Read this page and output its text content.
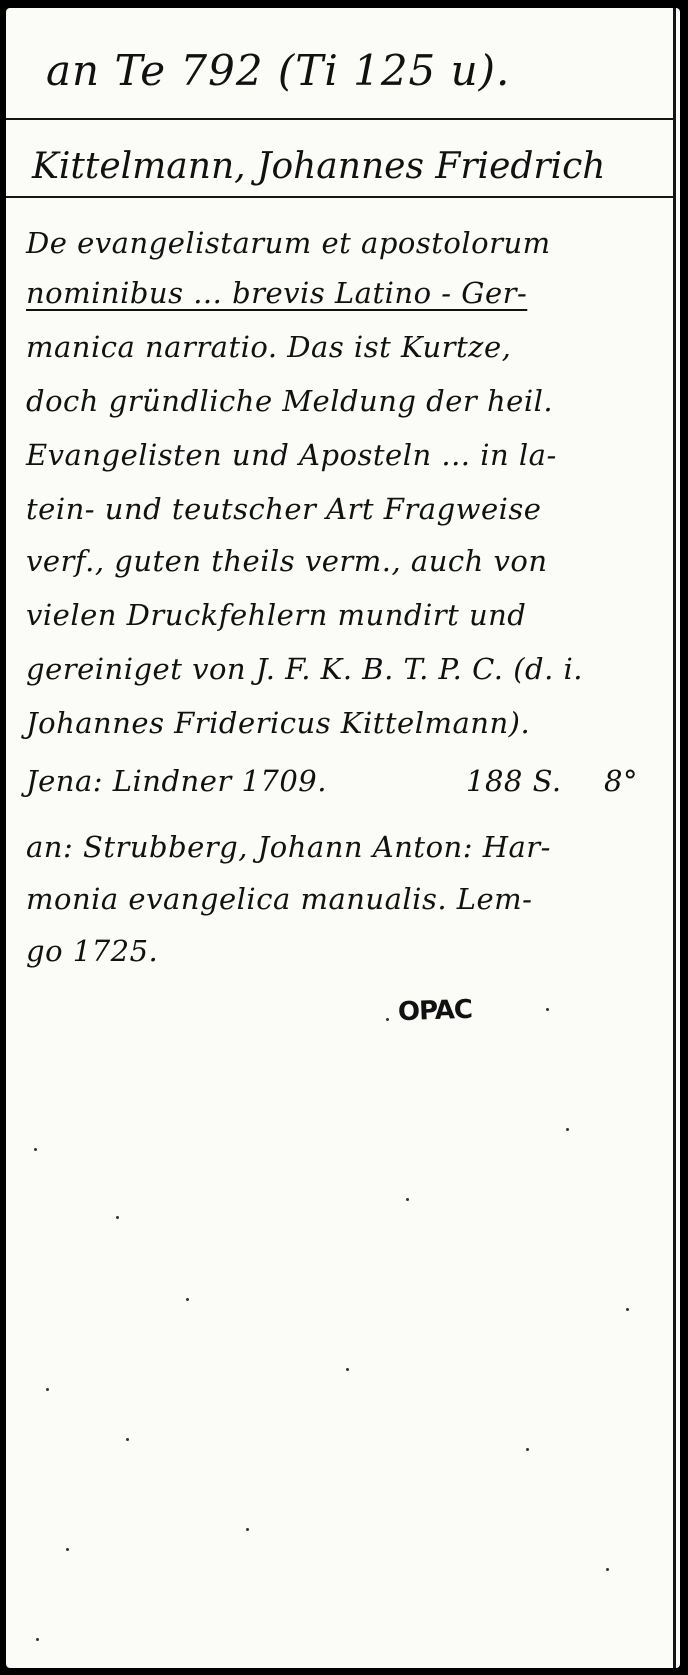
an Te 792 (Ti 125 u).
Kittelmann, Johannes Friedrich
De evangelistarum et apostolorum
nominibus ... brevis Latino - Ger-
manica narratio. Das ist Kurtze,
doch gründliche Meldung der heil.
Evangelisten und Aposteln ... in la-
tein- und teutscher Art Fragweise
verf., guten theils verm., auch von
vielen Druckfehlern mundirt und
gereiniget von J. F. K. B. T. P. C. (d. i.
Johannes Fridericus Kittelmann).
Jena: Lindner 1709.	188 S. 8°
an: Strubberg, Johann Anton: Har-
monia evangelica manualis. Lem-
go 1725.
OPAC
